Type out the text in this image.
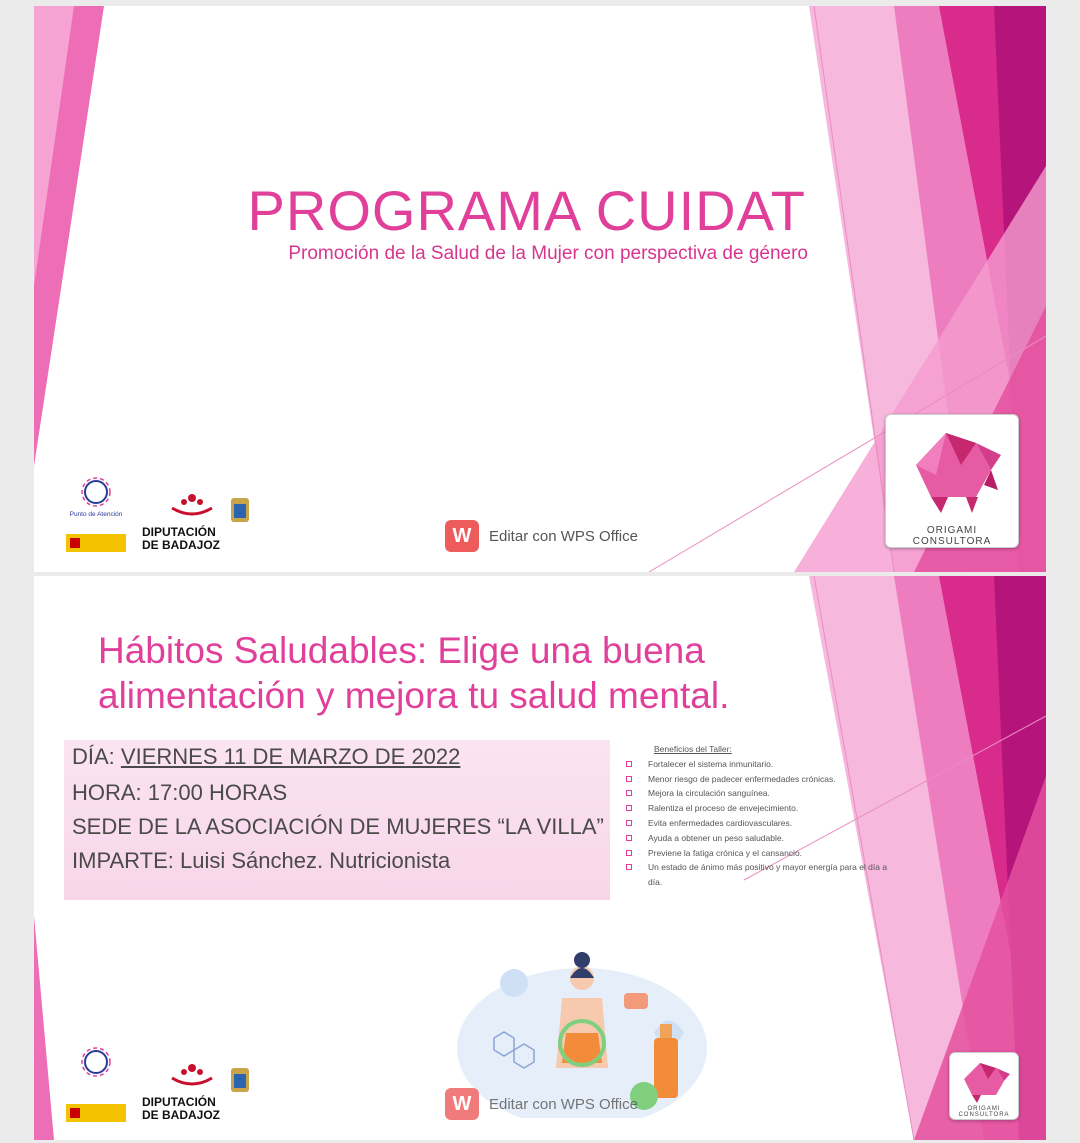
PROGRAMA CUIDAT
Promoción de la Salud de la Mujer con perspectiva de género
Punto de Atención
DIPUTACIÓN
DE BADAJOZ	W	Editar con WPS Office	ORIGAMI CONSULTORA
Hábitos Saludables: Elige una buena
alimentación y mejora tu salud mental.
DÍA: VIERNES 11 DE MARZO DE 2022
HORA: 17:00 HORAS
SEDE DE LA ASOCIACIÓN DE MUJERES “LA VILLA”
IMPARTE: Luisi Sánchez. Nutricionista
Beneficios del Taller:
Fortalecer el sistema inmunitario.
Menor riesgo de padecer enfermedades crónicas.
Mejora la circulación sanguínea.
Ralentiza el proceso de envejecimiento.
Evita enfermedades cardiovasculares.
Ayuda a obtener un peso saludable.
Previene la fatiga crónica y el cansancio.
Un estado de ánimo más positivo y mayor energía para el día a día.
DIPUTACIÓN
DE BADAJOZ
W	Editar con WPS Office	ORIGAMI CONSULTORA
